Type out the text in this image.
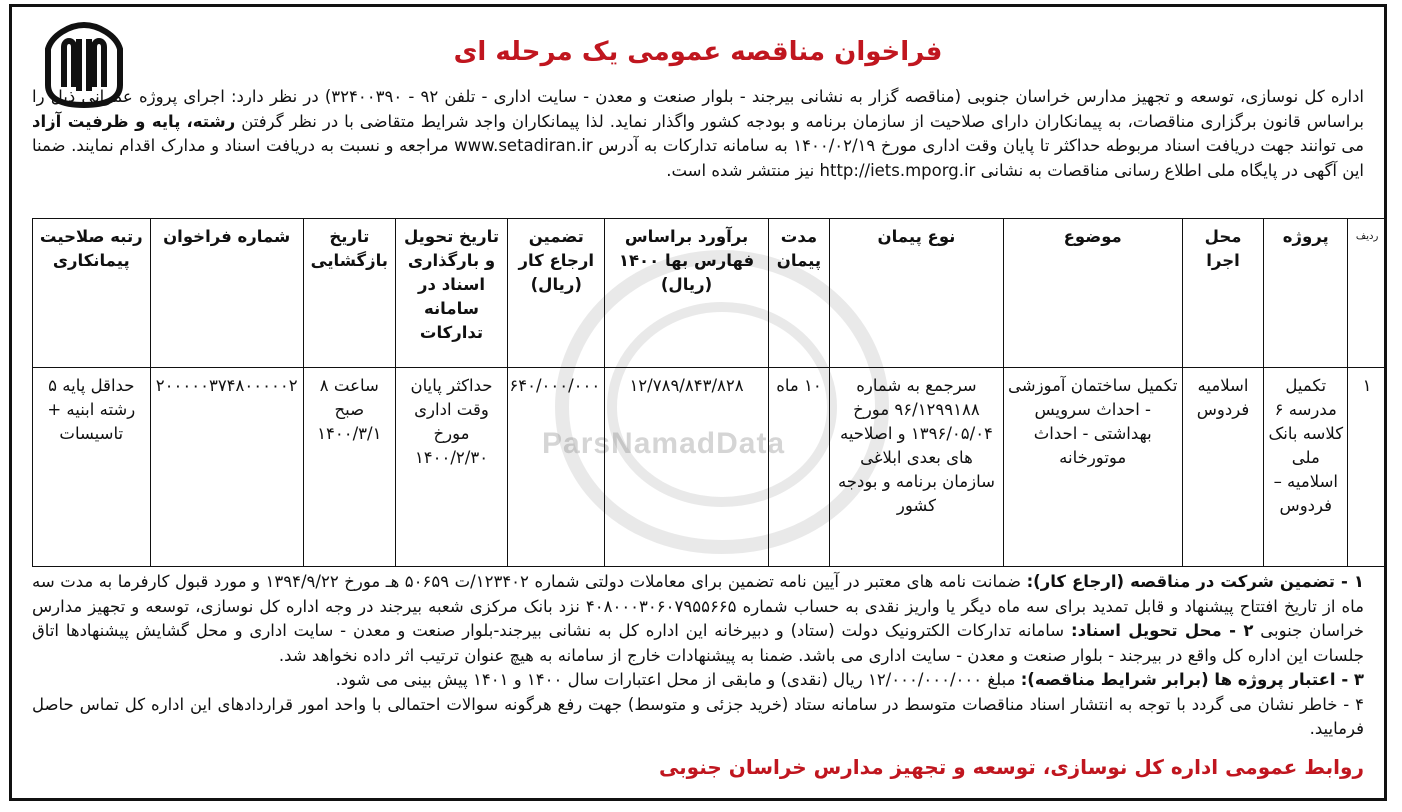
فراخوان مناقصه عمومی یک مرحله ای
ParsNamadData

اداره کل نوسازی، توسعه و تجهیز مدارس خراسان جنوبی (مناقصه گزار به نشانی بیرجند - بلوار صنعت و معدن - سایت اداری - تلفن ۹۲ - ۳۲۴۰۰۳۹۰) در نظر دارد: اجرای پروژه عمرانی ذیل را براساس قانون برگزاری مناقصات، به پیمانکاران دارای صلاحیت از سازمان برنامه و بودجه کشور واگذار نماید. لذا پیمانکاران واجد شرایط متقاضی با در نظر گرفتن رشته، پایه و ظرفیت آزاد می توانند جهت دریافت اسناد مربوطه حداکثر تا پایان وقت اداری مورخ ۱۴۰۰/۰۲/۱۹ به سامانه تدارکات به آدرس www.setadiran.ir مراجعه و نسبت به دریافت اسناد و مدارک اقدام نمایند. ضمنا این آگهی در پایگاه ملی اطلاع رسانی مناقصات به نشانی http://iets.mporg.ir نیز منتشر شده است.

ردیف	پروژه	محل اجرا	موضوع	نوع پیمان	مدت پیمان	برآورد براساس فهارس بها ۱۴۰۰ (ریال)	تضمین ارجاع کار (ریال)	تاریخ تحویل و بارگذاری اسناد در سامانه تدارکات	تاریخ بازگشایی	شماره فراخوان	رتبه صلاحیت پیمانکاری
۱	تکمیل مدرسه ۶ کلاسه بانک ملی اسلامیه – فردوس	اسلامیه فردوس	تکمیل ساختمان آموزشی - احداث سرویس بهداشتی - احداث موتورخانه	سرجمع به شماره ۹۶/۱۲۹۹۱۸۸ مورخ ۱۳۹۶/۰۵/۰۴ و اصلاحیه های بعدی ابلاغی سازمان برنامه و بودجه کشور	۱۰ ماه	۱۲/۷۸۹/۸۴۳/۸۲۸	۶۴۰/۰۰۰/۰۰۰	حداکثر پایان وقت اداری مورخ ۱۴۰۰/۲/۳۰	ساعت ۸ صبح ۱۴۰۰/۳/۱	۲۰۰۰۰۰۳۷۴۸۰۰۰۰۰۲	حداقل پایه ۵ رشته ابنیه + تاسیسات

۱ - تضمین شرکت در مناقصه (ارجاع کار): ضمانت نامه های معتبر در آیین نامه تضمین برای معاملات دولتی شماره ۱۲۳۴۰۲/ت ۵۰۶۵۹ هـ مورخ ۱۳۹۴/۹/۲۲ و مورد قبول کارفرما به مدت سه ماه از تاریخ افتتاح پیشنهاد و قابل تمدید برای سه ماه دیگر یا واریز نقدی به حساب شماره ۴۰۸۰۰۰۳۰۶۰۷۹۵۵۶۶۵ نزد بانک مرکزی شعبه بیرجند در وجه اداره کل نوسازی، توسعه و تجهیز مدارس خراسان جنوبی ۲ - محل تحویل اسناد: سامانه تدارکات الکترونیک دولت (ستاد) و دبیرخانه این اداره کل به نشانی بیرجند-بلوار صنعت و معدن - سایت اداری و محل گشایش پیشنهادها اتاق جلسات این اداره کل واقع در بیرجند - بلوار صنعت و معدن - سایت اداری می باشد. ضمنا به پیشنهادات خارج از سامانه به هیچ عنوان ترتیب اثر داده نخواهد شد.

۳ - اعتبار پروژه ها (برابر شرایط مناقصه): مبلغ ۱۲/۰۰۰/۰۰۰/۰۰۰ ریال (نقدی) و مابقی از محل اعتبارات سال ۱۴۰۰ و ۱۴۰۱ پیش بینی می شود.

۴ - خاطر نشان می گردد با توجه به انتشار اسناد مناقصات متوسط در سامانه ستاد (خرید جزئی و متوسط) جهت رفع هرگونه سوالات احتمالی با واحد امور قراردادهای این اداره کل تماس حاصل فرمایید.

روابط عمومی اداره کل نوسازی، توسعه و تجهیز مدارس خراسان جنوبی
